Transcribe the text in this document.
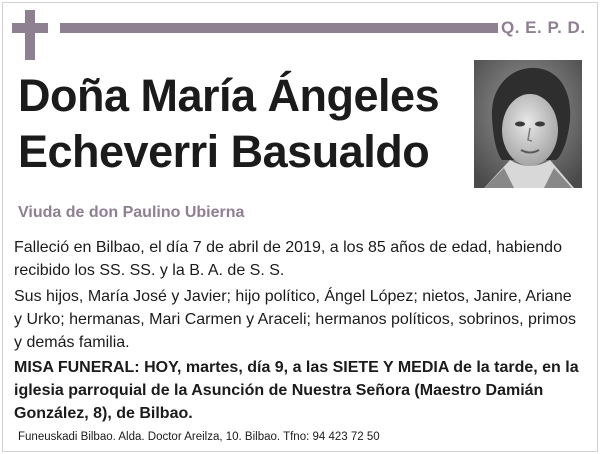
Q. E. P. D.
Doña María Ángeles
Echeverri Basualdo
Viuda de don Paulino Ubierna

Falleció en Bilbao, el día 7 de abril de 2019, a los 85 años de edad, habiendo recibido los SS. SS. y la B. A. de S. S.

Sus hijos, María José y Javier; hijo político, Ángel López; nietos, Janire, Ariane y Urko; hermanas, Mari Carmen y Araceli; hermanos políticos, sobrinos, primos y demás familia.

MISA FUNERAL: HOY, martes, día 9, a las SIETE Y MEDIA de la tarde, en la iglesia parroquial de la Asunción de Nuestra Señora (Maestro Damián González, 8), de Bilbao.

Funeuskadi Bilbao. Alda. Doctor Areilza, 10. Bilbao. Tfno: 94 423 72 50
